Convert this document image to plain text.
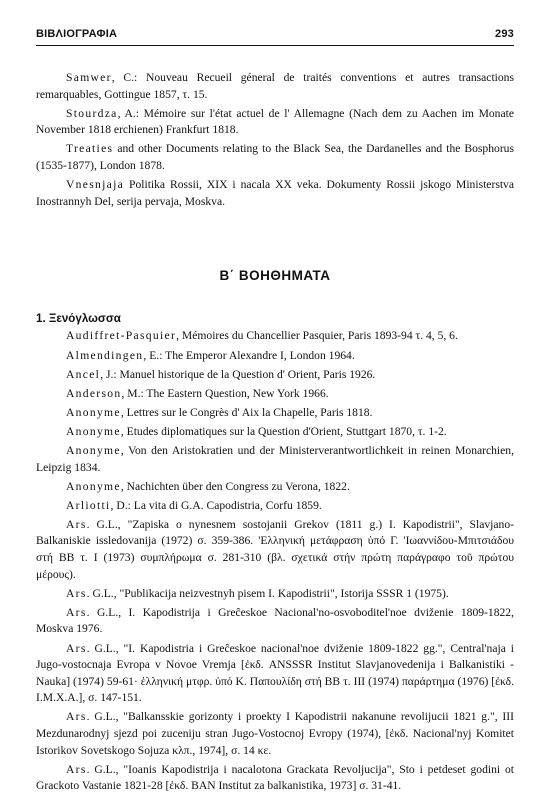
ΒΙΒΛΙΟΓΡΑΦΙΑ	293

Samwer, C.: Nouveau Recueil géneral de traités conventions et autres transactions remarquables, Gottingue 1857, τ. 15.

Stourdza, A.: Mémoire sur l'état actuel de l' Allemagne (Nach dem zu Aachen im Monate November 1818 erchienen) Frankfurt 1818.

Treaties and other Documents relating to the Black Sea, the Dardanelles and the Bosphorus (1535-1877), London 1878.

Vnesnjaja Politika Rossii, XIX i nacala XX veka. Dokumenty Rossii jskogo Ministerstva Inostrannyh Del, serija pervaja, Moskva.

Β΄ ΒΟΗΘΗΜΑΤΑ
1. Ξενόγλωσσα

Audiffret-Pasquier, Mémoires du Chancellier Pasquier, Paris 1893-94 τ. 4, 5, 6.

Almendingen, E.: The Emperor Alexandre I, London 1964.

Ancel, J.: Manuel historique de la Question d' Orient, Paris 1926.

Anderson, M.: The Eastern Question, New York 1966.

Anonyme, Lettres sur le Congrès d' Aix la Chapelle, Paris 1818.

Anonyme, Etudes diplomatiques sur la Question d'Orient, Stuttgart 1870, τ. 1-2.

Anonyme, Von den Aristokratien und der Ministerverantwortlichkeit in reinen Monarchien, Leipzig 1834.

Anonyme, Nachichten über den Congress zu Verona, 1822.

Arliotti, D.: La vita di G.A. Capodistria, Corfu 1859.

Ars. G.L., "Zapiska o nynesnem sostojanii Grekov (1811 g.) I. Kapodistrii", Slavjano-Balkaniskie issledovanija (1972) σ. 359-386. 'Ελληνική μετάφραση ὑπό Γ. 'Ιωαννίδου-Μπιτσιάδου στή ΒΒ τ. I (1973) συμπλήρωμα σ. 281-310 (βλ. σχετικά στήν πρώτη παράγραφο τοῦ πρώτου μέρους).

Ars. G.L., "Publikacija neizvestnyh pisem I. Kapodistrii", Istorija SSSR 1 (1975).

Ars. G.L., I. Kapodistrija i Greĉeskoe Nacional'no-osvoboditel'noe dviženie 1809-1822, Moskva 1976.

Ars. G.L., "I. Kapodistria i Greĉeskoe nacional'noe dviženie 1809-1822 gg.", Central'naja i Jugo-vostocnaja Evropa v Novoe Vremja [ἐκδ. ANSSSR Institut Slavjanovedenija i Balkanistiki - Nauka] (1974) 59-61· ἑλληνική μτφρ. ὑπό Κ. Παπουλίδη στή ΒΒ τ. III (1974) παράρτημα (1976) [ἐκδ. I.M.X.A.], σ. 147-151.

Ars. G.L., "Balkansskie gorizonty i proekty I Kapodistrii nakanune revolijucii 1821 g.", III Mezdunarodnyj sjezd poi zuceniju stran Jugo-Vostocnoj Evropy (1974), [ἐκδ. Nacional'nyj Komitet Istorikov Sovetskogo Sojuza κλπ., 1974], σ. 14 κε.

Ars. G.L., "Ioanis Kapodistrija i nacalotona Grackata Revoljucija", Sto i petdeset godini ot Grackoto Vastanie 1821-28 [ἐκδ. BAN Institut za balkanistika, 1973] σ. 31-41.
